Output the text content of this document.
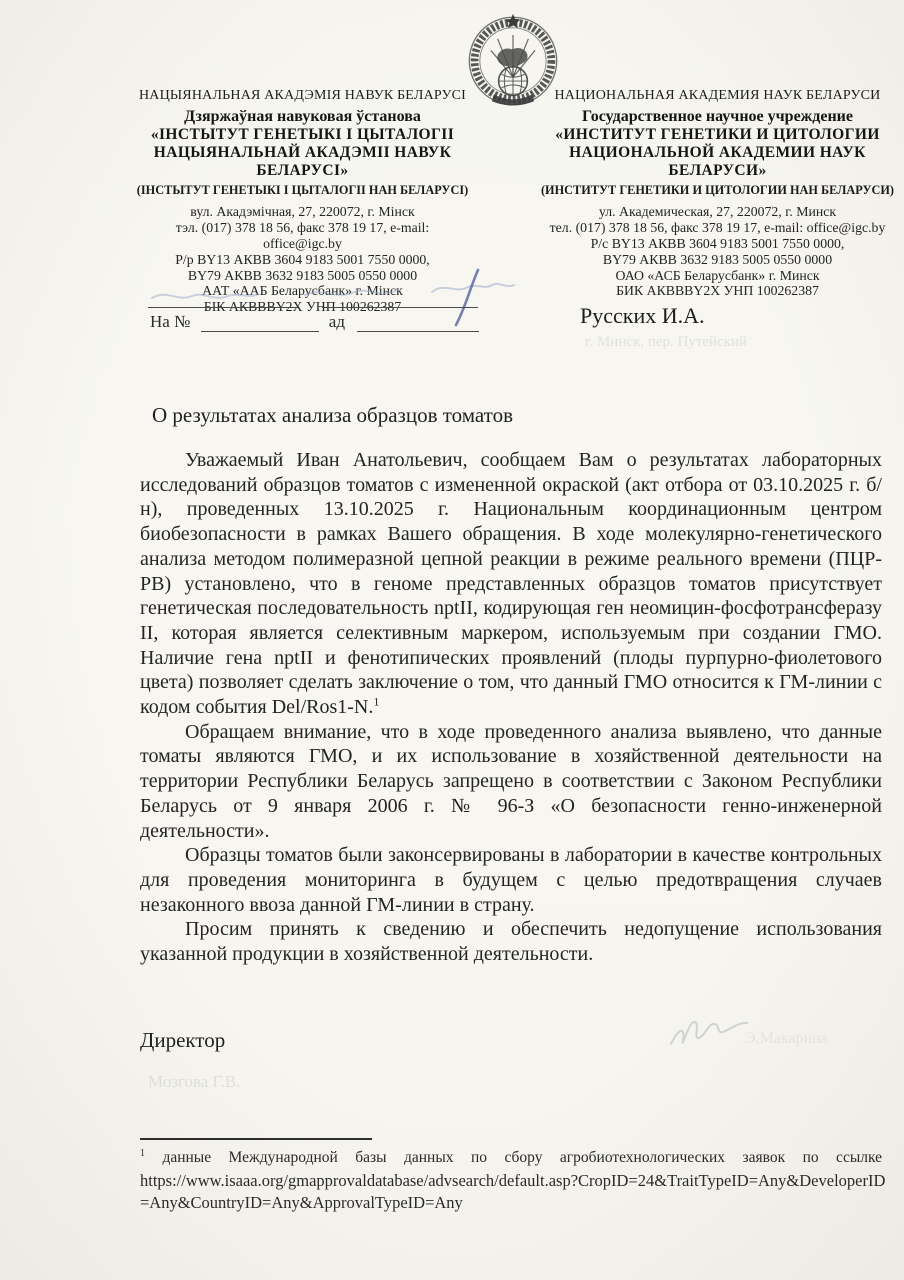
НАЦЫЯНАЛЬНАЯ АКАДЭМІЯ НАВУК БЕЛАРУСІ
Дзяржаўная навуковая ўстанова
«ІНСТЫТУТ ГЕНЕТЫКІ І ЦЫТАЛОГІІ
НАЦЫЯНАЛЬНАЙ АКАДЭМІІ НАВУК
БЕЛАРУСІ»
(ІНСТЫТУТ ГЕНЕТЫКІ І ЦЫТАЛОГІІ НАН БЕЛАРУСІ)
вул. Акадэмічная, 27, 220072, г. Мінск
тэл. (017) 378 18 56, факс 378 19 17, e-mail: office@igc.by
Р/р BY13 АКВВ 3604 9183 5001 7550 0000,
BY79 АКВВ 3632 9183 5005 0550 0000
ААТ «ААБ Беларусбанк» г. Мінск
БІК АКВВBY2X УНП 100262387
НАЦИОНАЛЬНАЯ АКАДЕМИЯ НАУК БЕЛАРУСИ
Государственное научное учреждение
«ИНСТИТУТ ГЕНЕТИКИ И ЦИТОЛОГИИ
НАЦИОНАЛЬНОЙ АКАДЕМИИ НАУК
БЕЛАРУСИ»
(ИНСТИТУТ ГЕНЕТИКИ И ЦИТОЛОГИИ НАН БЕЛАРУСИ)
ул. Академическая, 27, 220072, г. Минск
тел. (017) 378 18 56, факс 378 19 17, e-mail: office@igc.by
Р/с BY13 АКВВ 3604 9183 5001 7550 0000,
BY79 АКВВ 3632 9183 5005 0550 0000
ОАО «АСБ Беларусбанк» г. Минск
БИК АКВВBY2X УНП 100262387
На №	ад	Русских И.А.
г. Минск, пер. Путейский
О результатах анализа образцов томатов

Уважаемый Иван Анатольевич, сообщаем Вам о результатах лабораторных исследований образцов томатов с измененной окраской (акт отбора от 03.10.2025 г. б/н), проведенных 13.10.2025 г. Национальным координационным центром биобезопасности в рамках Вашего обращения. В ходе молекулярно-генетического анализа методом полимеразной цепной реакции в режиме реального времени (ПЦР-РВ) установлено, что в геноме представленных образцов томатов присутствует генетическая последовательность nptII, кодирующая ген неомицин-фосфотрансферазу II, которая является селективным маркером, используемым при создании ГМО. Наличие гена nptII и фенотипических проявлений (плоды пурпурно-фиолетового цвета) позволяет сделать заключение о том, что данный ГМО относится к ГМ-линии с кодом события Del/Ros1-N.$^1$

Обращаем внимание, что в ходе проведенного анализа выявлено, что данные томаты являются ГМО, и их использование в хозяйственной деятельности на территории Республики Беларусь запрещено в соответствии с Законом Республики Беларусь от 9 января 2006 г. № 96-З «О безопасности генно-инженерной деятельности».

Образцы томатов были законсервированы в лаборатории в качестве контрольных для проведения мониторинга в будущем с целью предотвращения случаев незаконного ввоза данной ГМ-линии в страну.

Просим принять к сведению и обеспечить недопущение использования указанной продукции в хозяйственной деятельности.

Директор	Э.Макарина
Мозгова Г.В.
$^1$ данные Международной базы данных по сбору агробиотехнологических заявок по ссылке
https://www.isaaa.org/gmapprovaldatabase/advsearch/default.asp?CropID=24&TraitTypeID=Any&DeveloperID=Any&CountryID=Any&ApprovalTypeID=Any
